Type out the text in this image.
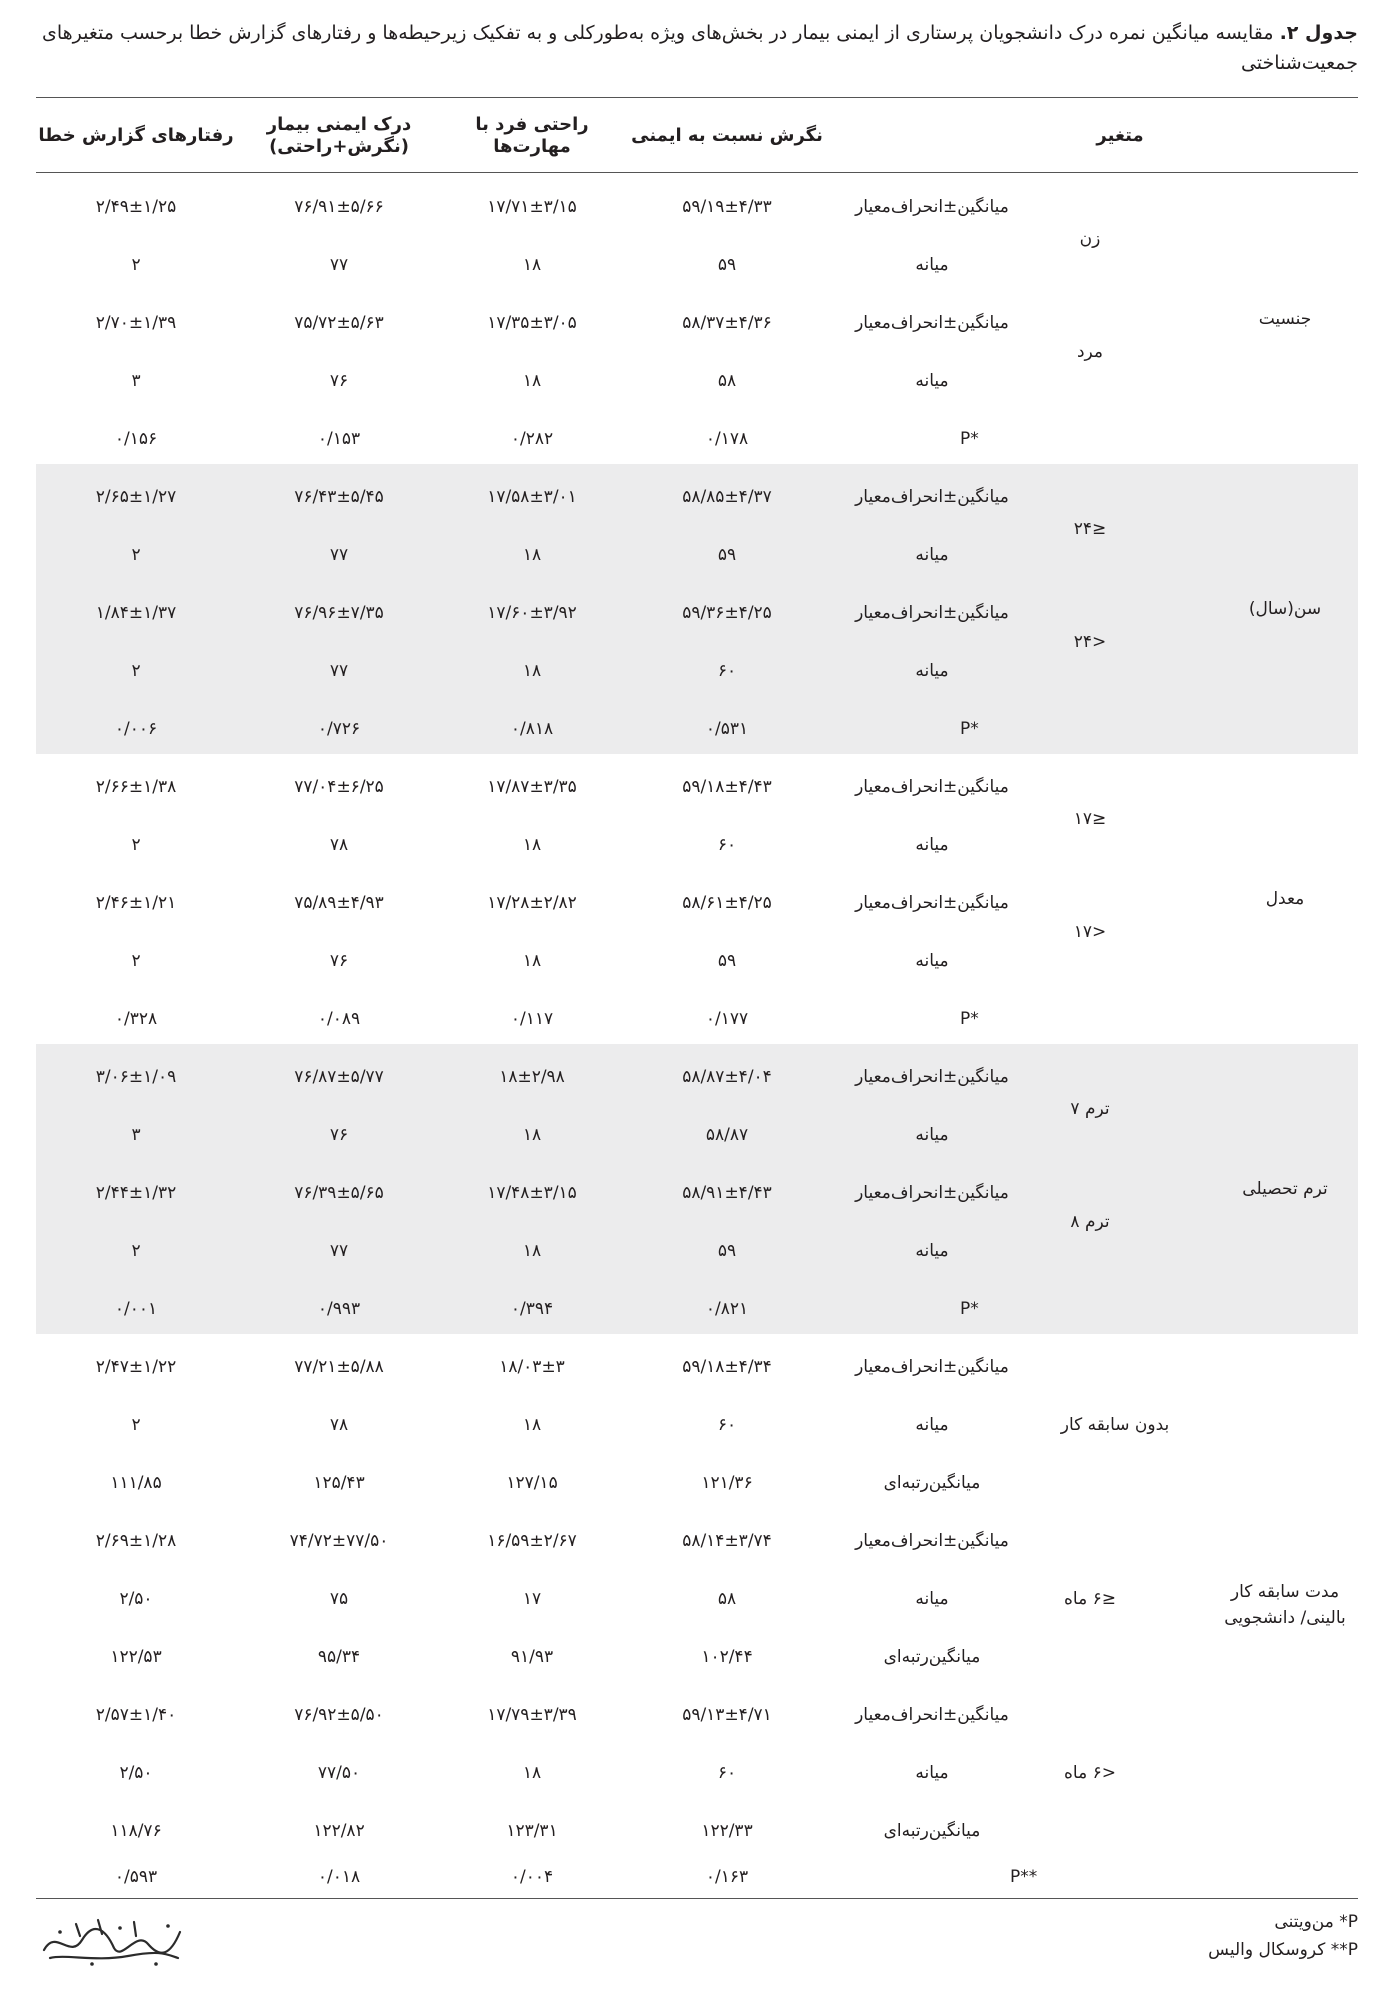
جدول ۲. مقایسه میانگین نمره درک دانشجویان پرستاری از ایمنی بیمار در بخش‌های ویژه به‌طورکلی و به تفکیک زیرحیطه‌ها و رفتارهای گزارش خطا برحسب متغیرهای جمعیت‌شناختی
رفتارهای گزارش خطا
درک ایمنی بیمار (نگرش+راحتی)
راحتی فرد با مهارت‌ها
نگرش نسبت به ایمنی	متغیر
جنسیت
زن
مرد
میانگین±انحراف‌معیار
۵۹/۱۹±۴/۳۳
۱۷/۷۱±۳/۱۵
۷۶/۹۱±۵/۶۶
۲/۴۹±۱/۲۵
میانه
۵۹
۱۸
۷۷
۲
میانگین±انحراف‌معیار
۵۸/۳۷±۴/۳۶
۱۷/۳۵±۳/۰۵
۷۵/۷۲±۵/۶۳
۲/۷۰±۱/۳۹
میانه
۵۸
۱۸
۷۶
۳
P*
۰/۱۷۸
۰/۲۸۲
۰/۱۵۳
۰/۱۵۶
سن(سال)
≤۲۴
<۲۴
میانگین±انحراف‌معیار
۵۸/۸۵±۴/۳۷
۱۷/۵۸±۳/۰۱
۷۶/۴۳±۵/۴۵
۲/۶۵±۱/۲۷
میانه
۵۹
۱۸
۷۷
۲
میانگین±انحراف‌معیار
۵۹/۳۶±۴/۲۵
۱۷/۶۰±۳/۹۲
۷۶/۹۶±۷/۳۵
۱/۸۴±۱/۳۷
میانه
۶۰
۱۸
۷۷
۲
P*
۰/۵۳۱
۰/۸۱۸
۰/۷۲۶
۰/۰۰۶
معدل
≤۱۷
<۱۷
میانگین±انحراف‌معیار
۵۹/۱۸±۴/۴۳
۱۷/۸۷±۳/۳۵
۷۷/۰۴±۶/۲۵
۲/۶۶±۱/۳۸
میانه
۶۰
۱۸
۷۸
۲
میانگین±انحراف‌معیار
۵۸/۶۱±۴/۲۵
۱۷/۲۸±۲/۸۲
۷۵/۸۹±۴/۹۳
۲/۴۶±۱/۲۱
میانه
۵۹
۱۸
۷۶
۲
P*
۰/۱۷۷
۰/۱۱۷
۰/۰۸۹
۰/۳۲۸
ترم تحصیلی
ترم ۷
ترم ۸
میانگین±انحراف‌معیار
۵۸/۸۷±۴/۰۴
۱۸±۲/۹۸
۷۶/۸۷±۵/۷۷
۳/۰۶±۱/۰۹
میانه
۵۸/۸۷
۱۸
۷۶
۳
میانگین±انحراف‌معیار
۵۸/۹۱±۴/۴۳
۱۷/۴۸±۳/۱۵
۷۶/۳۹±۵/۶۵
۲/۴۴±۱/۳۲
میانه
۵۹
۱۸
۷۷
۲
P*
۰/۸۲۱
۰/۳۹۴
۰/۹۹۳
۰/۰۰۱
مدت سابقه کار بالینی/ دانشجویی
بدون سابقه کار
≤۶ ماه
<۶ ماه
میانگین±انحراف‌معیار
۵۹/۱۸±۴/۳۴
۱۸/۰۳±۳
۷۷/۲۱±۵/۸۸
۲/۴۷±۱/۲۲
میانه
۶۰
۱۸
۷۸
۲
میانگین‌رتبه‌ای
۱۲۱/۳۶
۱۲۷/۱۵
۱۲۵/۴۳
۱۱۱/۸۵
میانگین±انحراف‌معیار
۵۸/۱۴±۳/۷۴
۱۶/۵۹±۲/۶۷
۷۴/۷۲±۷۷/۵۰
۲/۶۹±۱/۲۸
میانه
۵۸
۱۷
۷۵
۲/۵۰
میانگین‌رتبه‌ای
۱۰۲/۴۴
۹۱/۹۳
۹۵/۳۴
۱۲۲/۵۳
میانگین±انحراف‌معیار
۵۹/۱۳±۴/۷۱
۱۷/۷۹±۳/۳۹
۷۶/۹۲±۵/۵۰
۲/۵۷±۱/۴۰
میانه
۶۰
۱۸
۷۷/۵۰
۲/۵۰
میانگین‌رتبه‌ای
۱۲۲/۳۳
۱۲۳/۳۱
۱۲۲/۸۲
۱۱۸/۷۶
P**
۰/۱۶۳
۰/۰۰۴
۰/۰۱۸
۰/۵۹۳
P* من‌ویتنی
P** کروسکال والیس
